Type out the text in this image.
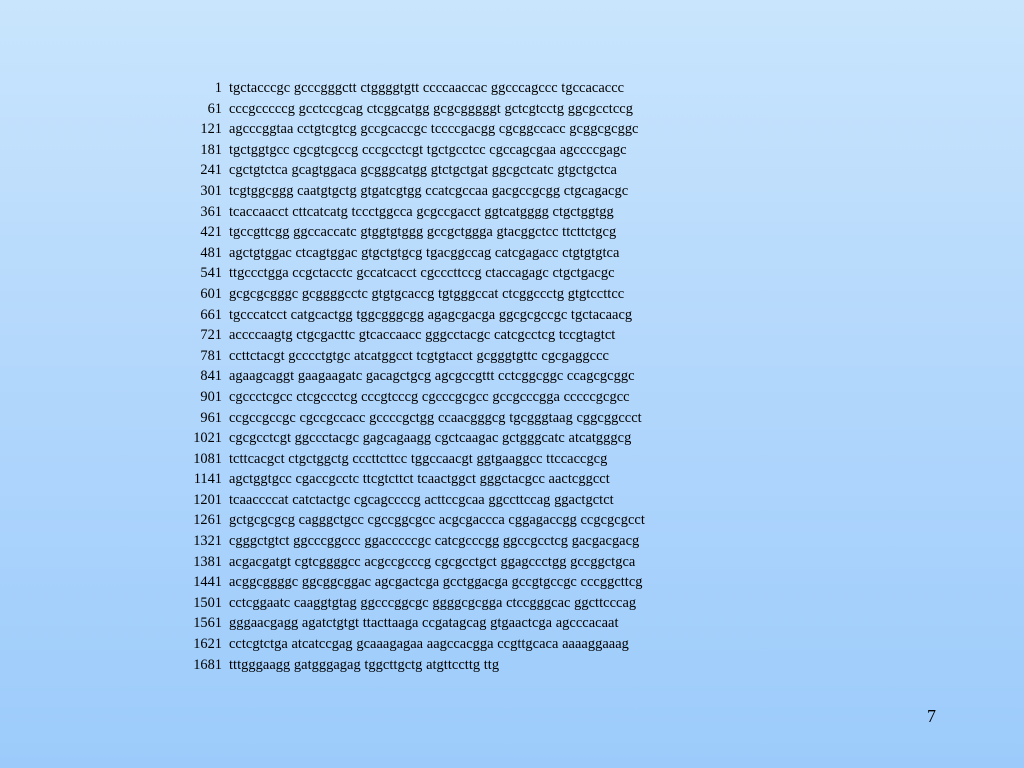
1 tgctacccgc gcccgggctt ctggggtgtt ccccaaccac ggcccagccc tgccacaccc
61 cccgcccccg gcctccgcag ctcggcatgg gcgcgggggt gctcgtcctg ggcgcctccg
121 agcccggtaa cctgtcgtcg gccgcaccgc tccccgacgg cgcggccacc gcggcgcggc
181 tgctggtgcc cgcgtcgccg cccgcctcgt tgctgcctcc cgccagcgaa agccccgagc
241 cgctgtctca gcagtggaca gcgggcatgg gtctgctgat ggcgctcatc gtgctgctca
301 tcgtggcggg caatgtgctg gtgatcgtgg ccatcgccaa gacgccgcgg ctgcagacgc
361 tcaccaacct cttcatcatg tccctggcca gcgccgacct ggtcatgggg ctgctggtgg
421 tgccgttcgg ggccaccatc gtggtgtggg gccgctggga gtacggctcc ttcttctgcg
481 agctgtggac ctcagtggac gtgctgtgcg tgacggccag catcgagacc ctgtgtgtca
541 ttgccctgga ccgctacctc gccatcacct cgcccttccg ctaccagagc ctgctgacgc
601 gcgcgcgggc gcggggcctc gtgtgcaccg tgtgggccat ctcggccctg gtgtccttcc
661 tgcccatcct catgcactgg tggcgggcgg agagcgacga ggcgcgccgc tgctacaacg
721 accccaagtg ctgcgacttc gtcaccaacc gggcctacgc catcgcctcg tccgtagtct
781 ccttctacgt gcccctgtgc atcatggcct tcgtgtacct gcgggtgttc cgcgaggccc
841 agaagcaggt gaagaagatc gacagctgcg agcgccgttt cctcggcggc ccagcgcggc
901 cgccctcgcc ctcgccctcg cccgtcccg cgcccgcgcc gccgcccgga cccccgcgcc
961 ccgccgccgc cgccgccacc gccccgctgg ccaacgggcg tgcgggtaag cggcggccct
1021 cgcgcctcgt ggccctacgc gagcagaagg cgctcaagac gctgggcatc atcatgggcg
1081 tcttcacgct ctgctggctg cccttcttcc tggccaacgt ggtgaaggcc ttccaccgcg
1141 agctggtgcc cgaccgcctc ttcgtcttct tcaactggct gggctacgcc aactcggcct
1201 tcaaccccat catctactgc cgcagccccg acttccgcaa ggccttccag ggactgctct
1261 gctgcgcgcg cagggctgcc cgccggcgcc acgcgaccca cggagaccgg ccgcgcgcct
1321 cgggctgtct ggcccggccc ggacccccgc catcgcccgg ggccgcctcg gacgacgacg
1381 acgacgatgt cgtcggggcc acgccgcccg cgcgcctgct ggagccctgg gccggctgca
1441 acggcggggc ggcggcggac agcgactcga gcctggacga gccgtgccgc cccggcttcg
1501 cctcggaatc caaggtgtag ggcccggcgc ggggcgcgga ctccgggcac ggcttcccag
1561 gggaacgagg agatctgtgt ttacttaaga ccgatagcag gtgaactcga agcccacaat
1621 cctcgtctga atcatccgag gcaaagagaa aagccacgga ccgttgcaca aaaaggaaag
1681 tttgggaagg gatgggagag tggcttgctg atgttccttg ttg
7
